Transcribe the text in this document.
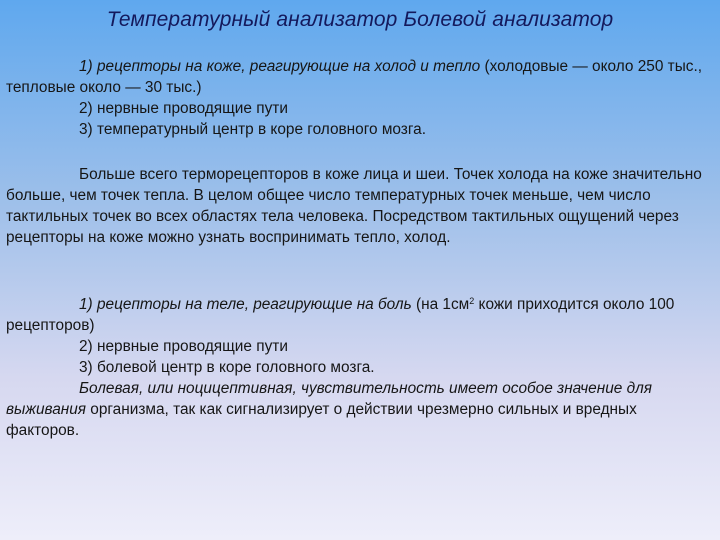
Температурный анализатор Болевой анализатор
1) рецепторы на коже, реагирующие на холод и тепло (холодовые — около 250 тыс., тепловые около — 30 тыс.)
2) нервные проводящие пути
3) температурный центр в коре головного мозга.
Больше всего терморецепторов в коже лица и шеи. Точек холода на коже значительно больше, чем точек тепла. В целом общее число температурных точек меньше, чем число тактильных точек во всех областях тела человека. Посредством тактильных ощущений через рецепторы на коже можно узнать воспринимать тепло, холод.
1) рецепторы на теле, реагирующие на боль (на $1см^2$ кожи приходится около 100 рецепторов)
2) нервные проводящие пути
3) болевой центр в коре головного мозга.
Болевая, или ноцицептивная, чувствительность имеет особое значение для выживания организма, так как сигнализирует о действии чрезмерно сильных и вредных факторов.
